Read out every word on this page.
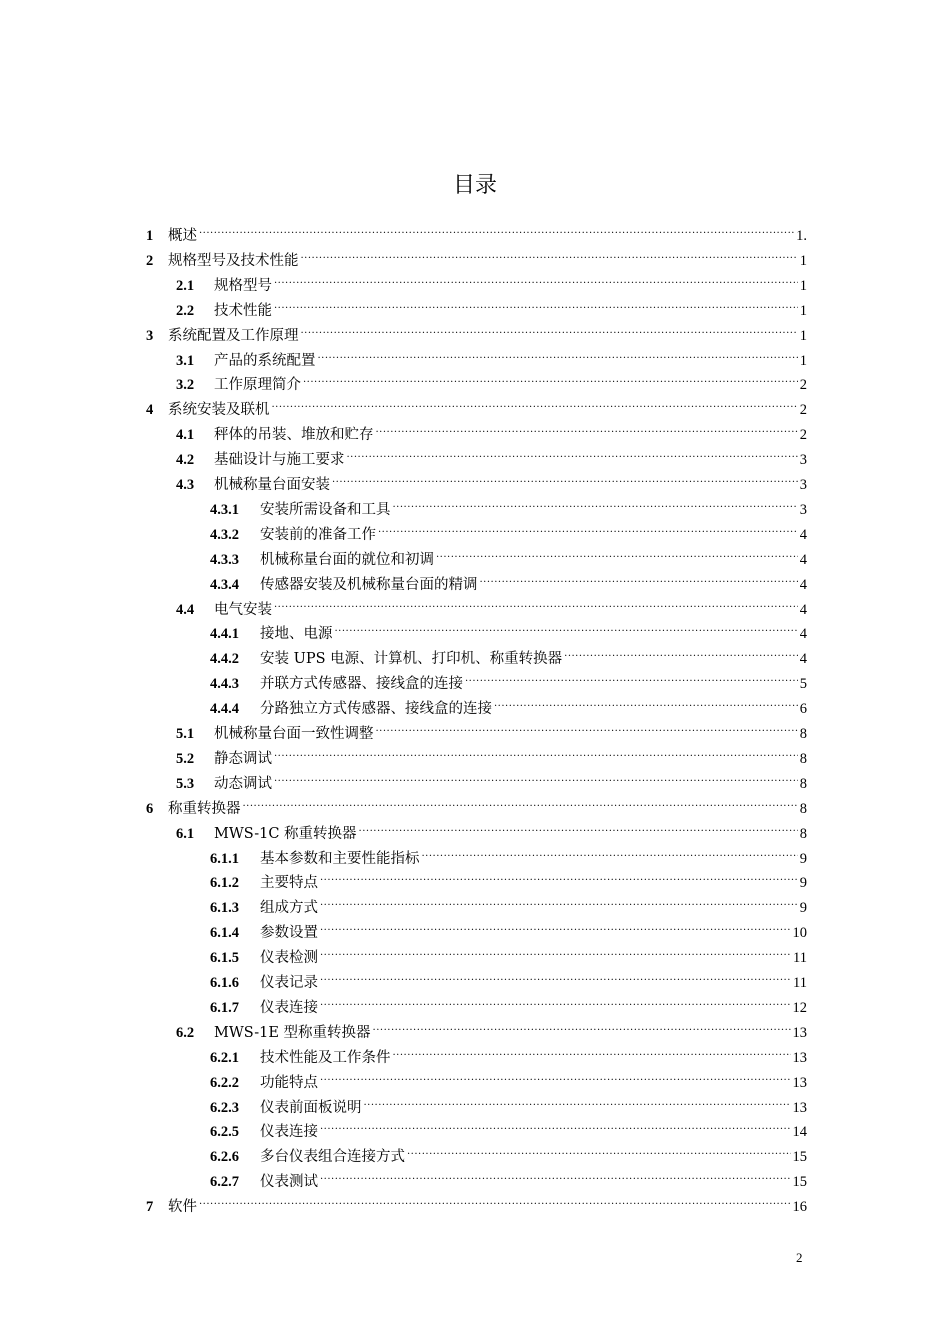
目录
1	概述 .....	1.
2	规格型号及技术性能 .....	1
2.1	规格型号 .....	1
2.2	技术性能 .....	1
3	系统配置及工作原理 .....	1
3.1	产品的系统配置 .....	1
3.2	工作原理简介 .....	2
4	系统安装及联机 .....	2
4.1	秤体的吊装、堆放和贮存 .....	2
4.2	基础设计与施工要求 .....	3
4.3	机械称量台面安装 .....	3
4.3.1	安装所需设备和工具 .....	3
4.3.2	安装前的准备工作 .....	4
4.3.3	机械称量台面的就位和初调 .....	4
4.3.4	传感器安装及机械称量台面的精调 .....	4
4.4	电气安装 .....	4
4.4.1	接地、电源 .....	4
4.4.2	安装 UPS 电源、计算机、打印机、称重转换器 .....	4
4.4.3	并联方式传感器、接线盒的连接 .....	5
4.4.4	分路独立方式传感器、接线盒的连接 .....	6
5.1	机械称量台面一致性调整 .....	8
5.2	静态调试 .....	8
5.3	动态调试 .....	8
6	称重转换器 .....	8
6.1	MWS-1C 称重转换器 .....	8
6.1.1	基本参数和主要性能指标 .....	9
6.1.2	主要特点 .....	9
6.1.3	组成方式 .....	9
6.1.4	参数设置 .....	10
6.1.5	仪表检测 .....	11
6.1.6	仪表记录 .....	11
6.1.7	仪表连接 .....	12
6.2	MWS-1E 型称重转换器 .....	13
6.2.1	技术性能及工作条件 .....	13
6.2.2	功能特点 .....	13
6.2.3	仪表前面板说明 .....	13
6.2.5	仪表连接 .....	14
6.2.6	多台仪表组合连接方式 .....	15
6.2.7	仪表测试 .....	15
7	软件 .....	16
2
